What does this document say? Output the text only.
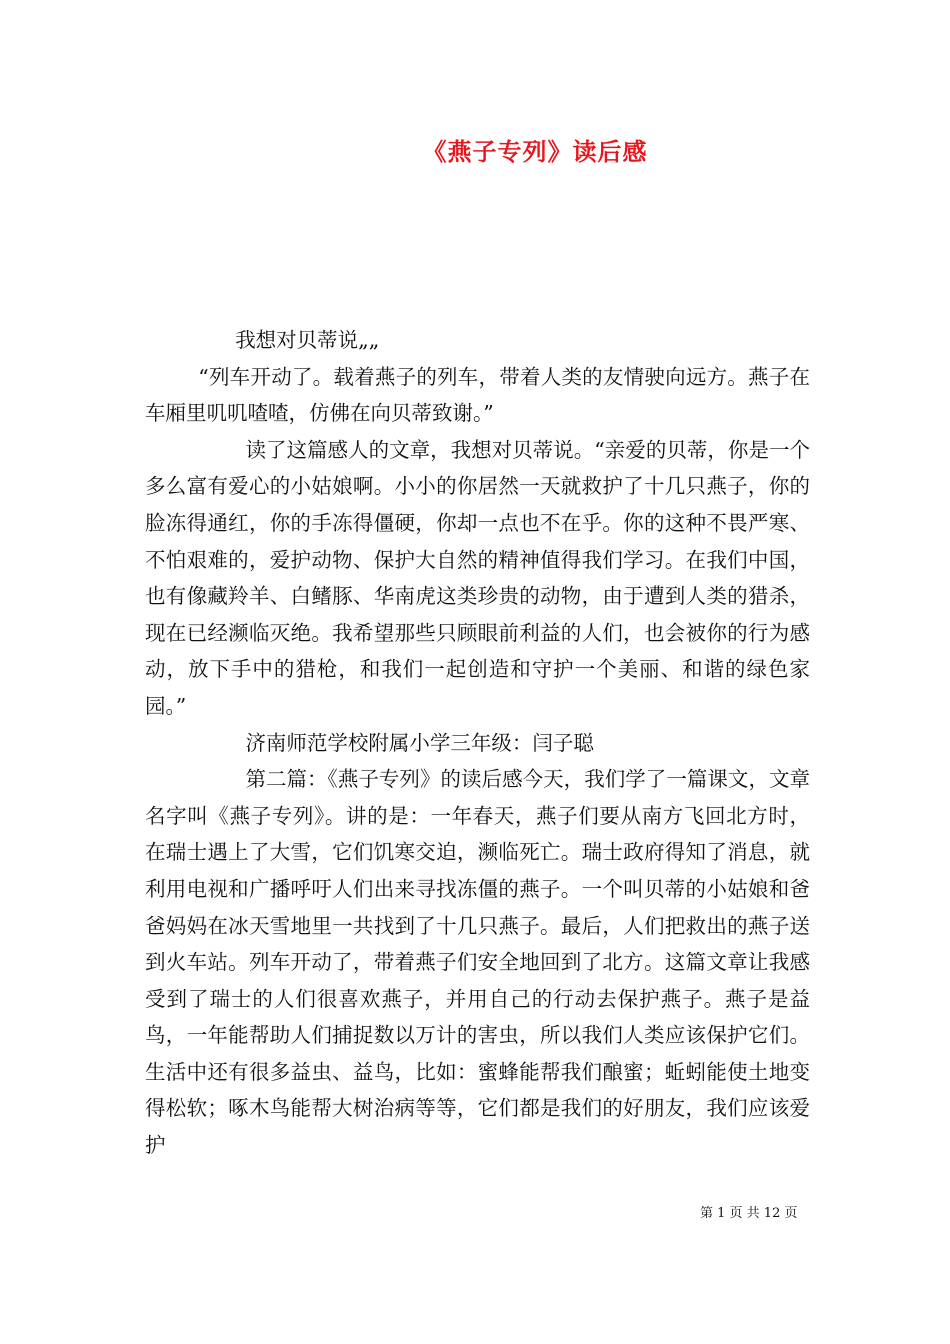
《燕子专列》读后感

我想对贝蒂说„„

“列车开动了。载着燕子的列车，带着人类的友情驶向远方。燕子在车厢里叽叽喳喳，仿佛在向贝蒂致谢。”

读了这篇感人的文章，我想对贝蒂说。“亲爱的贝蒂，你是一个多么富有爱心的小姑娘啊。小小的你居然一天就救护了十几只燕子，你的脸冻得通红，你的手冻得僵硬，你却一点也不在乎。你的这种不畏严寒、不怕艰难的，爱护动物、保护大自然的精神值得我们学习。在我们中国，也有像藏羚羊、白鳍豚、华南虎这类珍贵的动物，由于遭到人类的猎杀，现在已经濒临灭绝。我希望那些只顾眼前利益的人们，也会被你的行为感动，放下手中的猎枪，和我们一起创造和守护一个美丽、和谐的绿色家园。”

济南师范学校附属小学三年级：闫子聪

第二篇：《燕子专列》的读后感今天，我们学了一篇课文，文章名字叫《燕子专列》。讲的是：一年春天，燕子们要从南方飞回北方时，在瑞士遇上了大雪，它们饥寒交迫，濒临死亡。瑞士政府得知了消息，就利用电视和广播呼吁人们出来寻找冻僵的燕子。一个叫贝蒂的小姑娘和爸爸妈妈在冰天雪地里一共找到了十几只燕子。最后，人们把救出的燕子送到火车站。列车开动了，带着燕子们安全地回到了北方。这篇文章让我感受到了瑞士的人们很喜欢燕子，并用自己的行动去保护燕子。燕子是益鸟，一年能帮助人们捕捉数以万计的害虫，所以我们人类应该保护它们。生活中还有很多益虫、益鸟，比如：蜜蜂能帮我们酿蜜；蚯蚓能使土地变得松软；啄木鸟能帮大树治病等等，它们都是我们的好朋友，我们应该爱护

第 1 页 共 12 页
